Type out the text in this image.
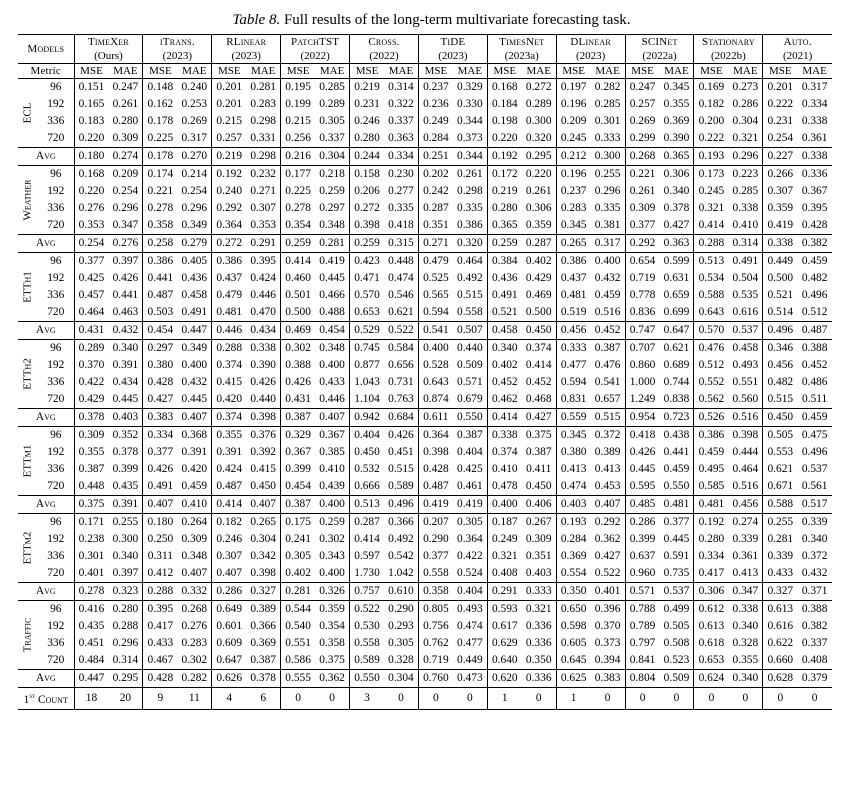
Table 8. Full results of the long-term multivariate forecasting task.
Models		TimeXer		iTrans.		RLinear		PatchTST		Cross.		TiDE		TimesNet		DLinear		SCINet		Stationary		Auto.	
		(Ours)		(2023)		(2023)		(2022)		(2022)		(2023)		(2023a)		(2023)		(2022a)		(2022b)		(2021)	
Metric		MSE	MAE	MSE	MAE	MSE	MAE	MSE	MAE	MSE	MAE	MSE	MAE	MSE	MAE	MSE	MAE	MSE	MAE	MSE	MAE	MSE	MAE

ECL	96	0.151	0.247	0.148	0.240	0.201	0.281	0.195	0.285	0.219	0.314	0.237	0.329	0.168	0.272	0.197	0.282	0.247	0.345	0.169	0.273	0.201	0.317
	192	0.165	0.261	0.162	0.253	0.201	0.283	0.199	0.289	0.231	0.322	0.236	0.330	0.184	0.289	0.196	0.285	0.257	0.355	0.182	0.286	0.222	0.334
	336	0.183	0.280	0.178	0.269	0.215	0.298	0.215	0.305	0.246	0.337	0.249	0.344	0.198	0.300	0.209	0.301	0.269	0.369	0.200	0.304	0.231	0.338
	720	0.220	0.309	0.225	0.317	0.257	0.331	0.256	0.337	0.280	0.363	0.284	0.373	0.220	0.320	0.245	0.333	0.299	0.390	0.222	0.321	0.254	0.361
Avg		0.180	0.274	0.178	0.270	0.219	0.298	0.216	0.304	0.244	0.334	0.251	0.344	0.192	0.295	0.212	0.300	0.268	0.365	0.193	0.296	0.227	0.338

Weather	96	0.168	0.209	0.174	0.214	0.192	0.232	0.177	0.218	0.158	0.230	0.202	0.261	0.172	0.220	0.196	0.255	0.221	0.306	0.173	0.223	0.266	0.336
	192	0.220	0.254	0.221	0.254	0.240	0.271	0.225	0.259	0.206	0.277	0.242	0.298	0.219	0.261	0.237	0.296	0.261	0.340	0.245	0.285	0.307	0.367
	336	0.276	0.296	0.278	0.296	0.292	0.307	0.278	0.297	0.272	0.335	0.287	0.335	0.280	0.306	0.283	0.335	0.309	0.378	0.321	0.338	0.359	0.395
	720	0.353	0.347	0.358	0.349	0.364	0.353	0.354	0.348	0.398	0.418	0.351	0.386	0.365	0.359	0.345	0.381	0.377	0.427	0.414	0.410	0.419	0.428
Avg		0.254	0.276	0.258	0.279	0.272	0.291	0.259	0.281	0.259	0.315	0.271	0.320	0.259	0.287	0.265	0.317	0.292	0.363	0.288	0.314	0.338	0.382

ETTh1	96	0.377	0.397	0.386	0.405	0.386	0.395	0.414	0.419	0.423	0.448	0.479	0.464	0.384	0.402	0.386	0.400	0.654	0.599	0.513	0.491	0.449	0.459
	192	0.425	0.426	0.441	0.436	0.437	0.424	0.460	0.445	0.471	0.474	0.525	0.492	0.436	0.429	0.437	0.432	0.719	0.631	0.534	0.504	0.500	0.482
	336	0.457	0.441	0.487	0.458	0.479	0.446	0.501	0.466	0.570	0.546	0.565	0.515	0.491	0.469	0.481	0.459	0.778	0.659	0.588	0.535	0.521	0.496
	720	0.464	0.463	0.503	0.491	0.481	0.470	0.500	0.488	0.653	0.621	0.594	0.558	0.521	0.500	0.519	0.516	0.836	0.699	0.643	0.616	0.514	0.512
Avg		0.431	0.432	0.454	0.447	0.446	0.434	0.469	0.454	0.529	0.522	0.541	0.507	0.458	0.450	0.456	0.452	0.747	0.647	0.570	0.537	0.496	0.487

ETTh2	96	0.289	0.340	0.297	0.349	0.288	0.338	0.302	0.348	0.745	0.584	0.400	0.440	0.340	0.374	0.333	0.387	0.707	0.621	0.476	0.458	0.346	0.388
	192	0.370	0.391	0.380	0.400	0.374	0.390	0.388	0.400	0.877	0.656	0.528	0.509	0.402	0.414	0.477	0.476	0.860	0.689	0.512	0.493	0.456	0.452
	336	0.422	0.434	0.428	0.432	0.415	0.426	0.426	0.433	1.043	0.731	0.643	0.571	0.452	0.452	0.594	0.541	1.000	0.744	0.552	0.551	0.482	0.486
	720	0.429	0.445	0.427	0.445	0.420	0.440	0.431	0.446	1.104	0.763	0.874	0.679	0.462	0.468	0.831	0.657	1.249	0.838	0.562	0.560	0.515	0.511
Avg		0.378	0.403	0.383	0.407	0.374	0.398	0.387	0.407	0.942	0.684	0.611	0.550	0.414	0.427	0.559	0.515	0.954	0.723	0.526	0.516	0.450	0.459

ETTm1	96	0.309	0.352	0.334	0.368	0.355	0.376	0.329	0.367	0.404	0.426	0.364	0.387	0.338	0.375	0.345	0.372	0.418	0.438	0.386	0.398	0.505	0.475
	192	0.355	0.378	0.377	0.391	0.391	0.392	0.367	0.385	0.450	0.451	0.398	0.404	0.374	0.387	0.380	0.389	0.426	0.441	0.459	0.444	0.553	0.496
	336	0.387	0.399	0.426	0.420	0.424	0.415	0.399	0.410	0.532	0.515	0.428	0.425	0.410	0.411	0.413	0.413	0.445	0.459	0.495	0.464	0.621	0.537
	720	0.448	0.435	0.491	0.459	0.487	0.450	0.454	0.439	0.666	0.589	0.487	0.461	0.478	0.450	0.474	0.453	0.595	0.550	0.585	0.516	0.671	0.561
Avg		0.375	0.391	0.407	0.410	0.414	0.407	0.387	0.400	0.513	0.496	0.419	0.419	0.400	0.406	0.403	0.407	0.485	0.481	0.481	0.456	0.588	0.517

ETTm2	96	0.171	0.255	0.180	0.264	0.182	0.265	0.175	0.259	0.287	0.366	0.207	0.305	0.187	0.267	0.193	0.292	0.286	0.377	0.192	0.274	0.255	0.339
	192	0.238	0.300	0.250	0.309	0.246	0.304	0.241	0.302	0.414	0.492	0.290	0.364	0.249	0.309	0.284	0.362	0.399	0.445	0.280	0.339	0.281	0.340
	336	0.301	0.340	0.311	0.348	0.307	0.342	0.305	0.343	0.597	0.542	0.377	0.422	0.321	0.351	0.369	0.427	0.637	0.591	0.334	0.361	0.339	0.372
	720	0.401	0.397	0.412	0.407	0.407	0.398	0.402	0.400	1.730	1.042	0.558	0.524	0.408	0.403	0.554	0.522	0.960	0.735	0.417	0.413	0.433	0.432
Avg		0.278	0.323	0.288	0.332	0.286	0.327	0.281	0.326	0.757	0.610	0.358	0.404	0.291	0.333	0.350	0.401	0.571	0.537	0.306	0.347	0.327	0.371

Traffic	96	0.416	0.280	0.395	0.268	0.649	0.389	0.544	0.359	0.522	0.290	0.805	0.493	0.593	0.321	0.650	0.396	0.788	0.499	0.612	0.338	0.613	0.388
	192	0.435	0.288	0.417	0.276	0.601	0.366	0.540	0.354	0.530	0.293	0.756	0.474	0.617	0.336	0.598	0.370	0.789	0.505	0.613	0.340	0.616	0.382
	336	0.451	0.296	0.433	0.283	0.609	0.369	0.551	0.358	0.558	0.305	0.762	0.477	0.629	0.336	0.605	0.373	0.797	0.508	0.618	0.328	0.622	0.337
	720	0.484	0.314	0.467	0.302	0.647	0.387	0.586	0.375	0.589	0.328	0.719	0.449	0.640	0.350	0.645	0.394	0.841	0.523	0.653	0.355	0.660	0.408
Avg		0.447	0.295	0.428	0.282	0.626	0.378	0.555	0.362	0.550	0.304	0.760	0.473	0.620	0.336	0.625	0.383	0.804	0.509	0.624	0.340	0.628	0.379
1st Count		18	20	9	11	4	6	0	0	3	0	0	0	1	0	1	0	0	0	0	0	0	0
